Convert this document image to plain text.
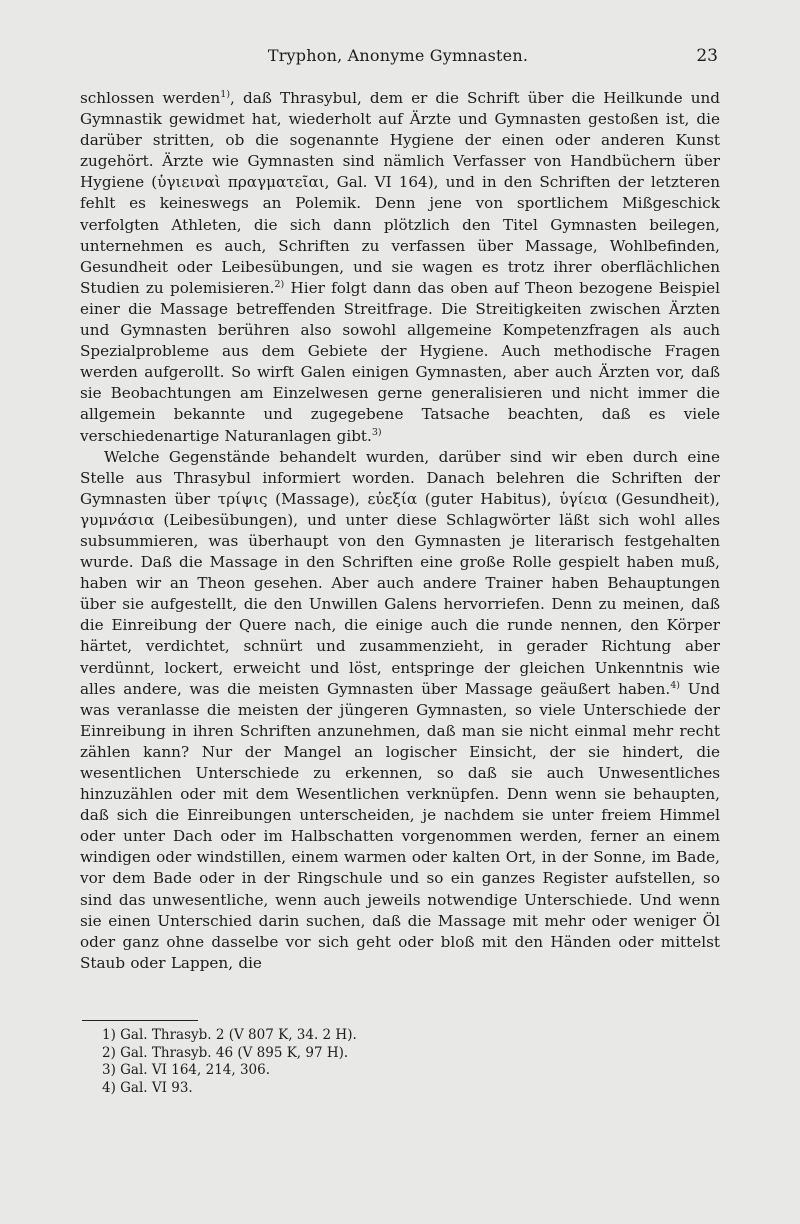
Tryphon, Anonyme Gymnasten.	23

schlossen werden$^{1)}$, daß Thrasybul, dem er die Schrift über die Heilkunde und Gymnastik gewidmet hat, wiederholt auf Ärzte und Gymnasten gestoßen ist, die darüber stritten, ob die sogenannte Hygiene der einen oder anderen Kunst zugehört. Ärzte wie Gymnasten sind nämlich Verfasser von Handbüchern über Hygiene (ὑγιειναὶ πραγματεῖαι, Gal. VI 164), und in den Schriften der letzteren fehlt es keineswegs an Polemik. Denn jene von sportlichem Mißgeschick verfolgten Athleten, die sich dann plötzlich den Titel Gymnasten beilegen, unternehmen es auch, Schriften zu verfassen über Massage, Wohlbefinden, Gesundheit oder Leibesübungen, und sie wagen es trotz ihrer oberflächlichen Studien zu polemisieren.$^{2)}$ Hier folgt dann das oben auf Theon bezogene Beispiel einer die Massage betreffenden Streitfrage. Die Streitigkeiten zwischen Ärzten und Gymnasten berühren also sowohl allgemeine Kompetenzfragen als auch Spezialprobleme aus dem Gebiete der Hygiene. Auch methodische Fragen werden aufgerollt. So wirft Galen einigen Gymnasten, aber auch Ärzten vor, daß sie Beobachtungen am Einzelwesen gerne generalisieren und nicht immer die allgemein bekannte und zugegebene Tatsache beachten, daß es viele verschiedenartige Naturanlagen gibt.$^{3)}$

Welche Gegenstände behandelt wurden, darüber sind wir eben durch eine Stelle aus Thrasybul informiert worden. Danach belehren die Schriften der Gymnasten über τρίψις (Massage), εὐεξία (guter Habitus), ὑγίεια (Gesundheit), γυμνάσια (Leibesübungen), und unter diese Schlagwörter läßt sich wohl alles subsummieren, was überhaupt von den Gymnasten je literarisch festgehalten wurde. Daß die Massage in den Schriften eine große Rolle gespielt haben muß, haben wir an Theon gesehen. Aber auch andere Trainer haben Behauptungen über sie aufgestellt, die den Unwillen Galens hervorriefen. Denn zu meinen, daß die Einreibung der Quere nach, die einige auch die runde nennen, den Körper härtet, verdichtet, schnürt und zusammenzieht, in gerader Richtung aber verdünnt, lockert, erweicht und löst, entspringe der gleichen Unkenntnis wie alles andere, was die meisten Gymnasten über Massage geäußert haben.$^{4)}$ Und was veranlasse die meisten der jüngeren Gymnasten, so viele Unterschiede der Einreibung in ihren Schriften anzunehmen, daß man sie nicht einmal mehr recht zählen kann? Nur der Mangel an logischer Einsicht, der sie hindert, die wesentlichen Unterschiede zu erkennen, so daß sie auch Unwesentliches hinzuzählen oder mit dem Wesentlichen verknüpfen. Denn wenn sie behaupten, daß sich die Einreibungen unterscheiden, je nachdem sie unter freiem Himmel oder unter Dach oder im Halbschatten vorgenommen werden, ferner an einem windigen oder windstillen, einem warmen oder kalten Ort, in der Sonne, im Bade, vor dem Bade oder in der Ringschule und so ein ganzes Register aufstellen, so sind das unwesentliche, wenn auch jeweils notwendige Unterschiede. Und wenn sie einen Unterschied darin suchen, daß die Massage mit mehr oder weniger Öl oder ganz ohne dasselbe vor sich geht oder bloß mit den Händen oder mittelst Staub oder Lappen, die

1) Gal. Thrasyb. 2 (V 807 K, 34. 2 H).
2) Gal. Thrasyb. 46 (V 895 K, 97 H).
3) Gal. VI 164, 214, 306.
4) Gal. VI 93.
